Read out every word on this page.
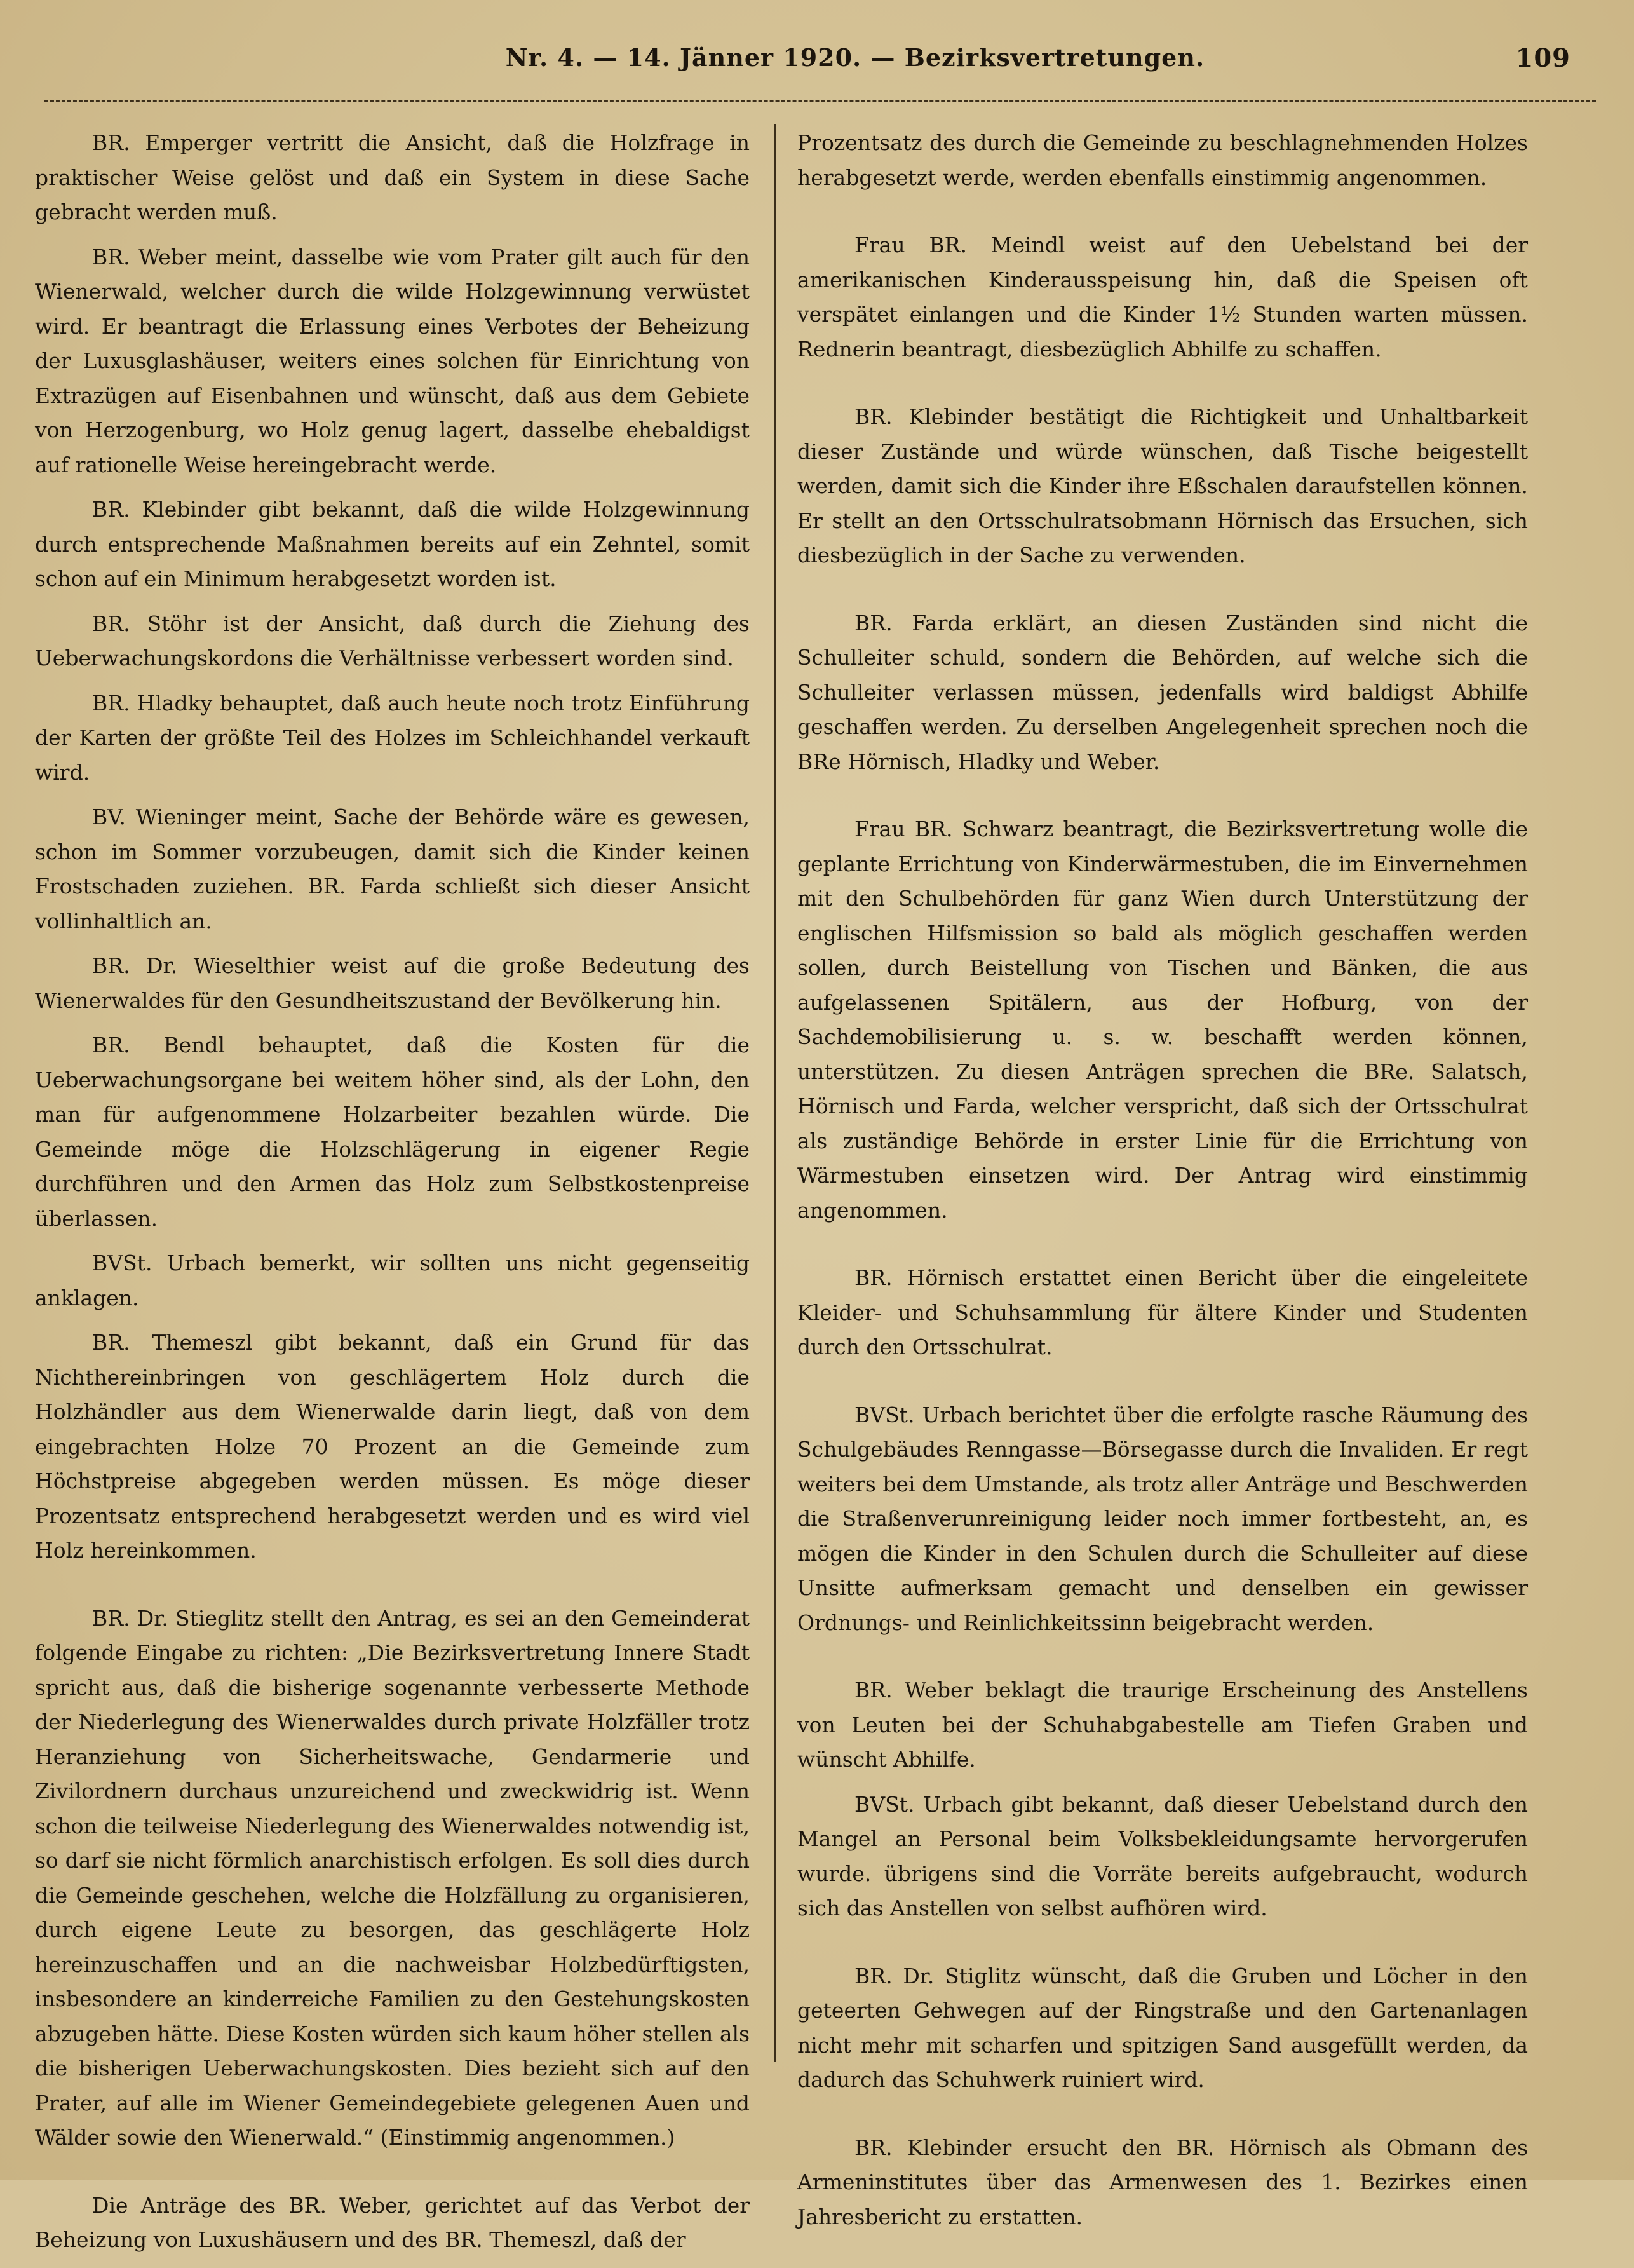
Nr. 4. — 14. Jänner 1920. — Bezirksvertretungen.	109

BR. Emperger vertritt die Ansicht, daß die Holzfrage in praktischer Weise gelöst und daß ein System in diese Sache gebracht werden muß.

BR. Weber meint, dasselbe wie vom Prater gilt auch für den Wienerwald, welcher durch die wilde Holzgewinnung verwüstet wird. Er beantragt die Erlassung eines Verbotes der Beheizung der Luxusglashäuser, weiters eines solchen für Einrichtung von Extrazügen auf Eisenbahnen und wünscht, daß aus dem Gebiete von Herzogenburg, wo Holz genug lagert, dasselbe ehebaldigst auf rationelle Weise hereingebracht werde.

BR. Klebinder gibt bekannt, daß die wilde Holzgewinnung durch entsprechende Maßnahmen bereits auf ein Zehntel, somit schon auf ein Minimum herabgesetzt worden ist.

BR. Stöhr ist der Ansicht, daß durch die Ziehung des Ueberwachungskordons die Verhältnisse verbessert worden sind.

BR. Hladky behauptet, daß auch heute noch trotz Einführung der Karten der größte Teil des Holzes im Schleichhandel verkauft wird.

BV. Wieninger meint, Sache der Behörde wäre es gewesen, schon im Sommer vorzubeugen, damit sich die Kinder keinen Frostschaden zuziehen. BR. Farda schließt sich dieser Ansicht vollinhaltlich an.

BR. Dr. Wieselthier weist auf die große Bedeutung des Wienerwaldes für den Gesundheitszustand der Bevölkerung hin.

BR. Bendl behauptet, daß die Kosten für die Ueberwachungsorgane bei weitem höher sind, als der Lohn, den man für aufgenommene Holzarbeiter bezahlen würde. Die Gemeinde möge die Holzschlägerung in eigener Regie durchführen und den Armen das Holz zum Selbstkostenpreise überlassen.

BVSt. Urbach bemerkt, wir sollten uns nicht gegenseitig anklagen.

BR. Themeszl gibt bekannt, daß ein Grund für das Nichthereinbringen von geschlägertem Holz durch die Holzhändler aus dem Wienerwalde darin liegt, daß von dem eingebrachten Holze 70 Prozent an die Gemeinde zum Höchstpreise abgegeben werden müssen. Es möge dieser Prozentsatz entsprechend herabgesetzt werden und es wird viel Holz hereinkommen.

BR. Dr. Stieglitz stellt den Antrag, es sei an den Gemeinderat folgende Eingabe zu richten: „Die Bezirksvertretung Innere Stadt spricht aus, daß die bisherige sogenannte verbesserte Methode der Niederlegung des Wienerwaldes durch private Holzfäller trotz Heranziehung von Sicherheitswache, Gendarmerie und Zivilordnern durchaus unzureichend und zweckwidrig ist. Wenn schon die teilweise Niederlegung des Wienerwaldes notwendig ist, so darf sie nicht förmlich anarchistisch erfolgen. Es soll dies durch die Gemeinde geschehen, welche die Holzfällung zu organisieren, durch eigene Leute zu besorgen, das geschlägerte Holz hereinzuschaffen und an die nachweisbar Holzbedürftigsten, insbesondere an kinderreiche Familien zu den Gestehungskosten abzugeben hätte. Diese Kosten würden sich kaum höher stellen als die bisherigen Ueberwachungskosten. Dies bezieht sich auf den Prater, auf alle im Wiener Gemeindegebiete gelegenen Auen und Wälder sowie den Wienerwald.“ (Einstimmig angenommen.)

Die Anträge des BR. Weber, gerichtet auf das Verbot der Beheizung von Luxushäusern und des BR. Themeszl, daß der

Prozentsatz des durch die Gemeinde zu beschlagnehmenden Holzes herabgesetzt werde, werden ebenfalls einstimmig angenommen.

Frau BR. Meindl weist auf den Uebelstand bei der amerikanischen Kinderausspeisung hin, daß die Speisen oft verspätet einlangen und die Kinder 1½ Stunden warten müssen. Rednerin beantragt, diesbezüglich Abhilfe zu schaffen.

BR. Klebinder bestätigt die Richtigkeit und Unhaltbarkeit dieser Zustände und würde wünschen, daß Tische beigestellt werden, damit sich die Kinder ihre Eßschalen daraufstellen können. Er stellt an den Ortsschulratsobmann Hörnisch das Ersuchen, sich diesbezüglich in der Sache zu verwenden.

BR. Farda erklärt, an diesen Zuständen sind nicht die Schulleiter schuld, sondern die Behörden, auf welche sich die Schulleiter verlassen müssen, jedenfalls wird baldigst Abhilfe geschaffen werden. Zu derselben Angelegenheit sprechen noch die BRe Hörnisch, Hladky und Weber.

Frau BR. Schwarz beantragt, die Bezirksvertretung wolle die geplante Errichtung von Kinderwärmestuben, die im Einvernehmen mit den Schulbehörden für ganz Wien durch Unterstützung der englischen Hilfsmission so bald als möglich geschaffen werden sollen, durch Beistellung von Tischen und Bänken, die aus aufgelassenen Spitälern, aus der Hofburg, von der Sachdemobilisierung u. s. w. beschafft werden können, unterstützen. Zu diesen Anträgen sprechen die BRe. Salatsch, Hörnisch und Farda, welcher verspricht, daß sich der Ortsschulrat als zuständige Behörde in erster Linie für die Errichtung von Wärmestuben einsetzen wird. Der Antrag wird einstimmig angenommen.

BR. Hörnisch erstattet einen Bericht über die eingeleitete Kleider- und Schuhsammlung für ältere Kinder und Studenten durch den Ortsschulrat.

BVSt. Urbach berichtet über die erfolgte rasche Räumung des Schulgebäudes Renngasse—Börsegasse durch die Invaliden. Er regt weiters bei dem Umstande, als trotz aller Anträge und Beschwerden die Straßenverunreinigung leider noch immer fortbesteht, an, es mögen die Kinder in den Schulen durch die Schulleiter auf diese Unsitte aufmerksam gemacht und denselben ein gewisser Ordnungs- und Reinlichkeitssinn beigebracht werden.

BR. Weber beklagt die traurige Erscheinung des Anstellens von Leuten bei der Schuhabgabestelle am Tiefen Graben und wünscht Abhilfe.

BVSt. Urbach gibt bekannt, daß dieser Uebelstand durch den Mangel an Personal beim Volksbekleidungsamte hervorgerufen wurde. übrigens sind die Vorräte bereits aufgebraucht, wodurch sich das Anstellen von selbst aufhören wird.

BR. Dr. Stiglitz wünscht, daß die Gruben und Löcher in den geteerten Gehwegen auf der Ringstraße und den Gartenanlagen nicht mehr mit scharfen und spitzigen Sand ausgefüllt werden, da dadurch das Schuhwerk ruiniert wird.

BR. Klebinder ersucht den BR. Hörnisch als Obmann des Armeninstitutes über das Armenwesen des 1. Bezirkes einen Jahresbericht zu erstatten.
